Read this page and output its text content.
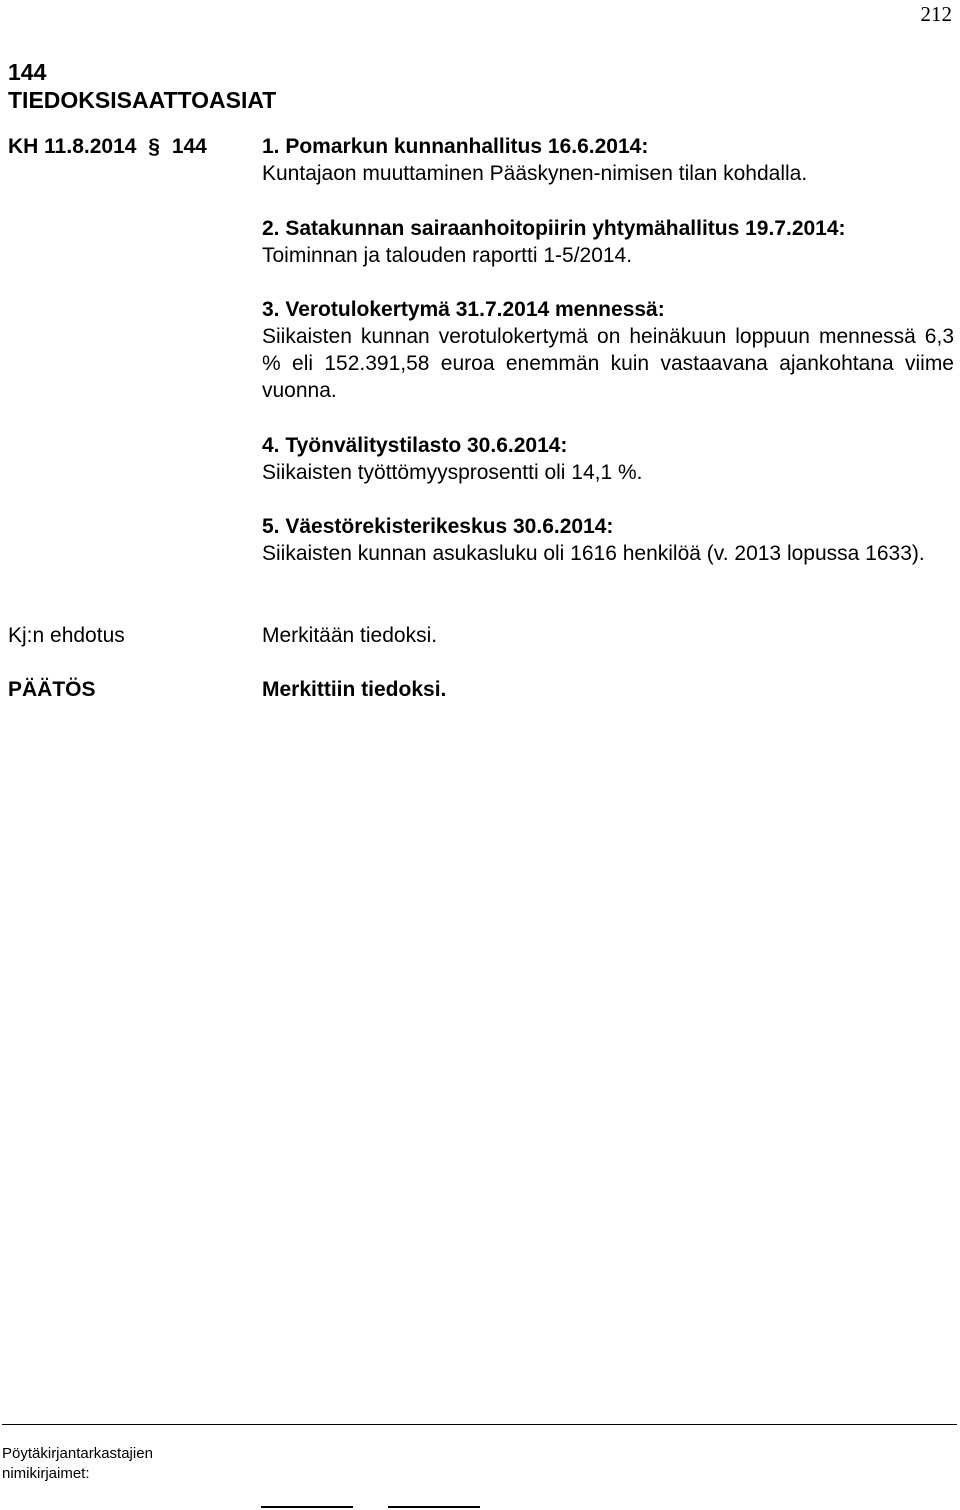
212
144
TIEDOKSISAATTOASIAT
KH 11.8.2014 § 144	1. Pomarkun kunnanhallitus 16.6.2014:
Kuntajaon muuttaminen Pääskynen-nimisen tilan kohdalla.
2. Satakunnan sairaanhoitopiirin yhtymähallitus 19.7.2014:
Toiminnan ja talouden raportti 1-5/2014.
3. Verotulokertymä 31.7.2014 mennessä:
Siikaisten kunnan verotulokertymä on heinäkuun loppuun mennessä 6,3 % eli 152.391,58 euroa enemmän kuin vastaavana ajankohtana viime vuonna.
4. Työnvälitystilasto 30.6.2014:
Siikaisten työttömyysprosentti oli 14,1 %.
5. Väestörekisterikeskus 30.6.2014:
Siikaisten kunnan asukasluku oli 1616 henkilöä (v. 2013 lopussa 1633).
Kj:n ehdotus	Merkitään tiedoksi.
PÄÄTÖS	Merkittiin tiedoksi.
Pöytäkirjantarkastajien
nimikirjaimet:
